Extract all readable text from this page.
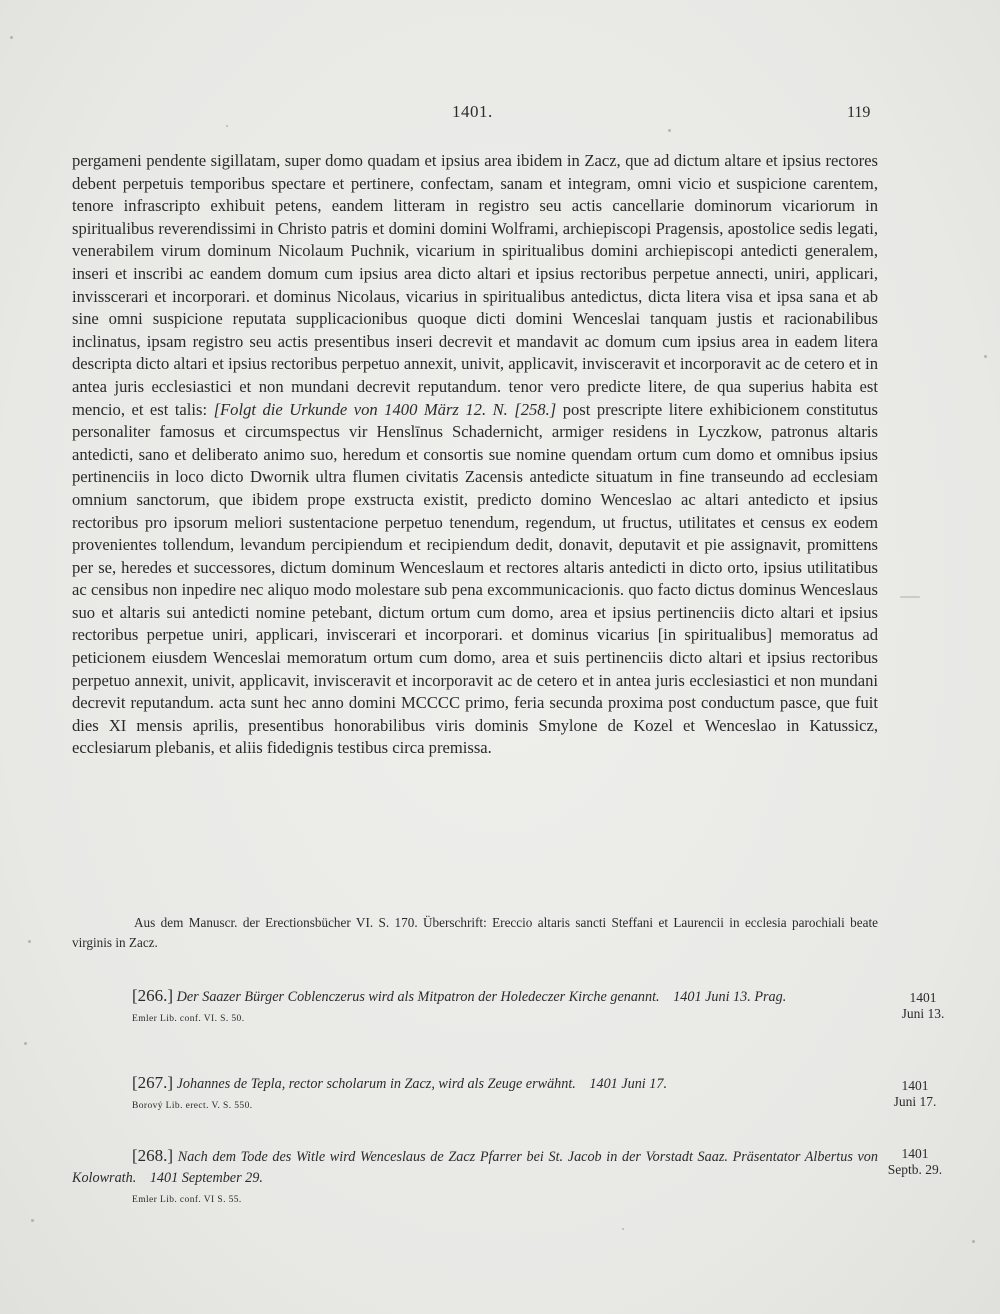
1401.	119
pergameni pendente sigillatam, super domo quadam et ipsius area ibidem in Zacz, que ad dictum altare et ipsius rectores debent perpetuis temporibus spectare et pertinere, confectam, sanam et integram, omni vicio et suspicione carentem, tenore infrascripto exhibuit petens, eandem litteram in registro seu actis cancellarie dominorum vicariorum in spiritualibus reverendissimi in Christo patris et domini domini Wolframi, archiepiscopi Pragensis, apostolice sedis legati, venerabilem virum dominum Nicolaum Puchnik, vicarium in spiritualibus domini archiepiscopi antedicti generalem, inseri et inscribi ac eandem domum cum ipsius area dicto altari et ipsius rectoribus perpetue annecti, uniri, applicari, invisscerari et incorporari. et dominus Nicolaus, vicarius in spiritualibus antedictus, dicta litera visa et ipsa sana et ab sine omni suspicione reputata supplicacionibus quoque dicti domini Wenceslai tanquam justis et racionabilibus inclinatus, ipsam registro seu actis presentibus inseri decrevit et mandavit ac domum cum ipsius area in eadem litera descripta dicto altari et ipsius rectoribus perpetuo annexit, univit, applicavit, invisceravit et incorporavit ac de cetero et in antea juris ecclesiastici et non mundani decrevit reputandum. tenor vero predicte litere, de qua superius habita est mencio, et est talis: [Folgt die Urkunde von 1400 März 12. N. [258.] post prescripte litere exhibicionem constitutus personaliter famosus et circumspectus vir Henslīnus Schadernicht, armiger residens in Lyczkow, patronus altaris antedicti, sano et deliberato animo suo, heredum et consortis sue nomine quendam ortum cum domo et omnibus ipsius pertinenciis in loco dicto Dwornik ultra flumen civitatis Zacensis antedicte situatum in fine transeundo ad ecclesiam omnium sanctorum, que ibidem prope exstructa existit, predicto domino Wenceslao ac altari antedicto et ipsius rectoribus pro ipsorum meliori sustentacione perpetuo tenendum, regendum, ut fructus, utilitates et census ex eodem provenientes tollendum, levandum percipiendum et recipiendum dedit, donavit, deputavit et pie assignavit, promittens per se, heredes et successores, dictum dominum Wenceslaum et rectores altaris antedicti in dicto orto, ipsius utilitatibus ac censibus non inpedire nec aliquo modo molestare sub pena excommunicacionis. quo facto dictus dominus Wenceslaus suo et altaris sui antedicti nomine petebant, dictum ortum cum domo, area et ipsius pertinenciis dicto altari et ipsius rectoribus perpetue uniri, applicari, inviscerari et incorporari. et dominus vicarius [in spiritualibus] memoratus ad peticionem eiusdem Wenceslai memoratum ortum cum domo, area et suis pertinenciis dicto altari et ipsius rectoribus perpetuo annexit, univit, applicavit, invisceravit et incorporavit ac de cetero et in antea juris ecclesiastici et non mundani decrevit reputandum. acta sunt hec anno domini MCCCC primo, feria secunda proxima post conductum pasce, que fuit dies XI mensis aprilis, presentibus honorabilibus viris dominis Smylone de Kozel et Wenceslao in Katussicz, ecclesiarum plebanis, et aliis fidedignis testibus circa premissa.
Aus dem Manuscr. der Erectionsbücher VI. S. 170. Überschrift: Ereccio altaris sancti Steffani et Laurencii in ecclesia parochiali beate virginis in Zacz.
[266.] Der Saazer Bürger Coblenczerus wird als Mitpatron der Holedeczer Kirche genannt. 1401 Juni 13. Prag.
Emler Lib. conf. VI. S. 50.
1401
Juni 13.
[267.] Johannes de Tepla, rector scholarum in Zacz, wird als Zeuge erwähnt. 1401 Juni 17.
Borový Lib. erect. V. S. 550.
1401
Juni 17.
[268.] Nach dem Tode des Witle wird Wenceslaus de Zacz Pfarrer bei St. Jacob in der Vorstadt Saaz. Präsentator Albertus von Kolowrath. 1401 September 29.
Emler Lib. conf. VI S. 55.
1401
Septb. 29.
